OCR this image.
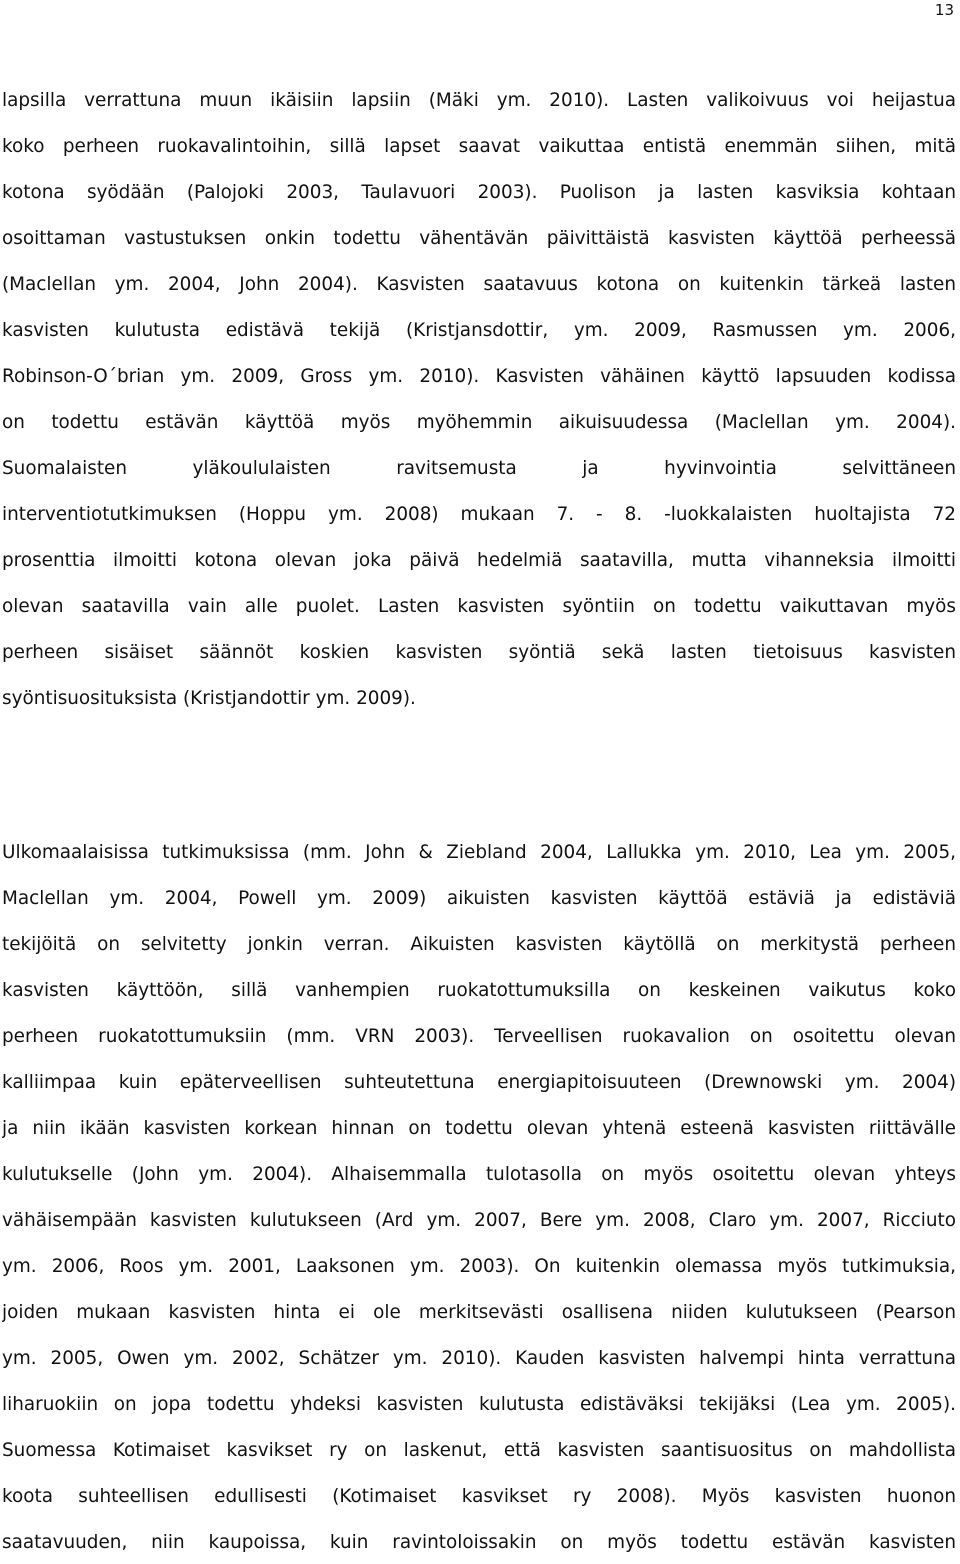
13
lapsilla verrattuna muun ikäisiin lapsiin (Mäki ym. 2010). Lasten valikoivuus voi heijastua
koko perheen ruokavalintoihin, sillä lapset saavat vaikuttaa entistä enemmän siihen, mitä
kotona syödään (Palojoki 2003, Taulavuori 2003). Puolison ja lasten kasviksia kohtaan
osoittaman vastustuksen onkin todettu vähentävän päivittäistä kasvisten käyttöä perheessä
(Maclellan ym. 2004, John 2004). Kasvisten saatavuus kotona on kuitenkin tärkeä lasten
kasvisten kulutusta edistävä tekijä (Kristjansdottir, ym. 2009, Rasmussen ym. 2006,
Robinson-O´brian ym. 2009, Gross ym. 2010). Kasvisten vähäinen käyttö lapsuuden kodissa
on todettu estävän käyttöä myös myöhemmin aikuisuudessa (Maclellan ym. 2004).
Suomalaisten yläkoululaisten ravitsemusta ja hyvinvointia selvittäneen
interventiotutkimuksen (Hoppu ym. 2008) mukaan 7. - 8. -luokkalaisten huoltajista 72
prosenttia ilmoitti kotona olevan joka päivä hedelmiä saatavilla, mutta vihanneksia ilmoitti
olevan saatavilla vain alle puolet. Lasten kasvisten syöntiin on todettu vaikuttavan myös
perheen sisäiset säännöt koskien kasvisten syöntiä sekä lasten tietoisuus kasvisten
syöntisuosituksista (Kristjandottir ym. 2009).
Ulkomaalaisissa tutkimuksissa (mm. John & Ziebland 2004, Lallukka ym. 2010, Lea ym. 2005,
Maclellan ym. 2004, Powell ym. 2009) aikuisten kasvisten käyttöä estäviä ja edistäviä
tekijöitä on selvitetty jonkin verran. Aikuisten kasvisten käytöllä on merkitystä perheen
kasvisten käyttöön, sillä vanhempien ruokatottumuksilla on keskeinen vaikutus koko
perheen ruokatottumuksiin (mm. VRN 2003). Terveellisen ruokavalion on osoitettu olevan
kalliimpaa kuin epäterveellisen suhteutettuna energiapitoisuuteen (Drewnowski ym. 2004)
ja niin ikään kasvisten korkean hinnan on todettu olevan yhtenä esteenä kasvisten riittävälle
kulutukselle (John ym. 2004). Alhaisemmalla tulotasolla on myös osoitettu olevan yhteys
vähäisempään kasvisten kulutukseen (Ard ym. 2007, Bere ym. 2008, Claro ym. 2007, Ricciuto
ym. 2006, Roos ym. 2001, Laaksonen ym. 2003). On kuitenkin olemassa myös tutkimuksia,
joiden mukaan kasvisten hinta ei ole merkitsevästi osallisena niiden kulutukseen (Pearson
ym. 2005, Owen ym. 2002, Schätzer ym. 2010). Kauden kasvisten halvempi hinta verrattuna
liharuokiin on jopa todettu yhdeksi kasvisten kulutusta edistäväksi tekijäksi (Lea ym. 2005).
Suomessa Kotimaiset kasvikset ry on laskenut, että kasvisten saantisuositus on mahdollista
koota suhteellisen edullisesti (Kotimaiset kasvikset ry 2008). Myös kasvisten huonon
saatavuuden, niin kaupoissa, kuin ravintoloissakin on myös todettu estävän kasvisten
